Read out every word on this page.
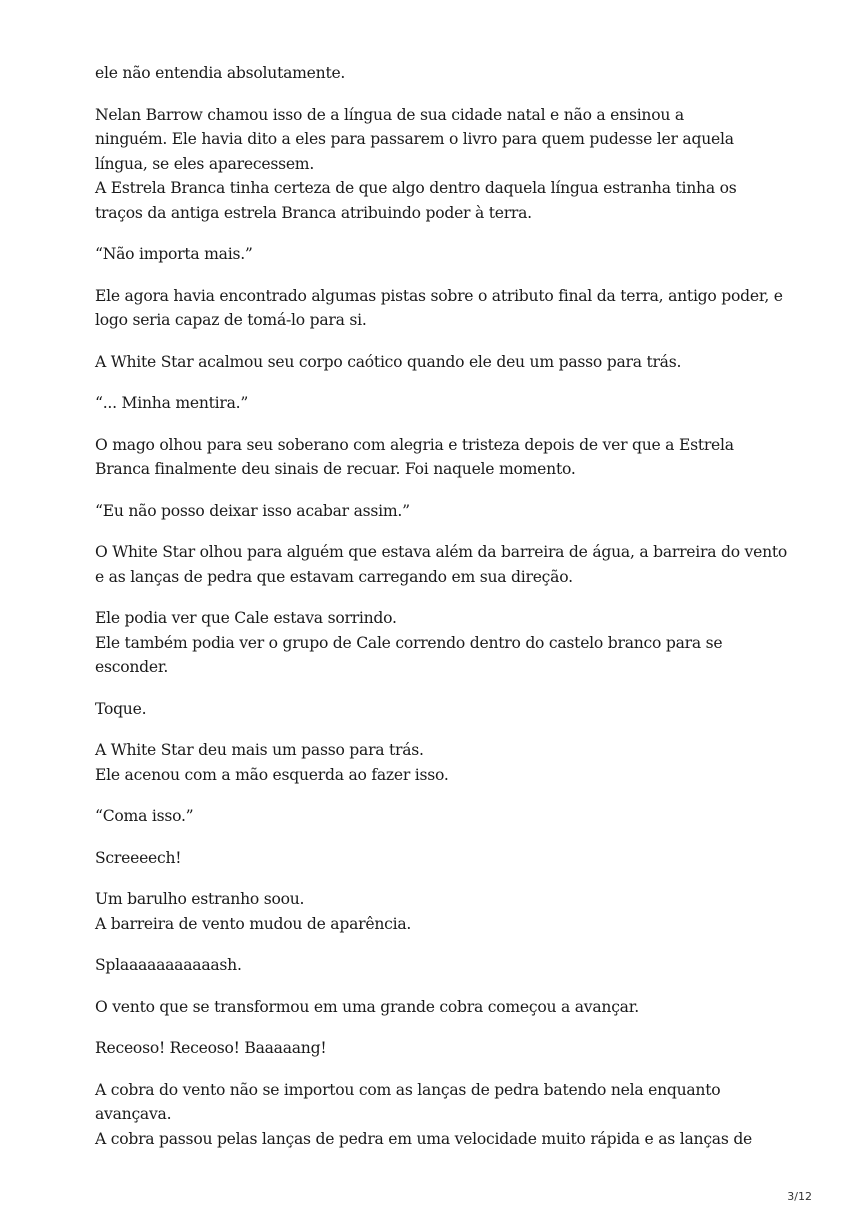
ele não entendia absolutamente.

Nelan Barrow chamou isso de a língua de sua cidade natal e não a ensinou a
ninguém. Ele havia dito a eles para passarem o livro para quem pudesse ler aquela
língua, se eles aparecessem.
A Estrela Branca tinha certeza de que algo dentro daquela língua estranha tinha os
traços da antiga estrela Branca atribuindo poder à terra.

“Não importa mais.”

Ele agora havia encontrado algumas pistas sobre o atributo final da terra, antigo poder, e
logo seria capaz de tomá-lo para si.

A White Star acalmou seu corpo caótico quando ele deu um passo para trás.

“... Minha mentira.”

O mago olhou para seu soberano com alegria e tristeza depois de ver que a Estrela
Branca finalmente deu sinais de recuar. Foi naquele momento.

“Eu não posso deixar isso acabar assim.”

O White Star olhou para alguém que estava além da barreira de água, a barreira do vento
e as lanças de pedra que estavam carregando em sua direção.

Ele podia ver que Cale estava sorrindo.
Ele também podia ver o grupo de Cale correndo dentro do castelo branco para se
esconder.

Toque.

A White Star deu mais um passo para trás.
Ele acenou com a mão esquerda ao fazer isso.

“Coma isso.”

Screeeech!

Um barulho estranho soou.
A barreira de vento mudou de aparência.

Splaaaaaaaaaaash.

O vento que se transformou em uma grande cobra começou a avançar.

Receoso! Receoso! Baaaaang!

A cobra do vento não se importou com as lanças de pedra batendo nela enquanto
avançava.
A cobra passou pelas lanças de pedra em uma velocidade muito rápida e as lanças de

3/12
